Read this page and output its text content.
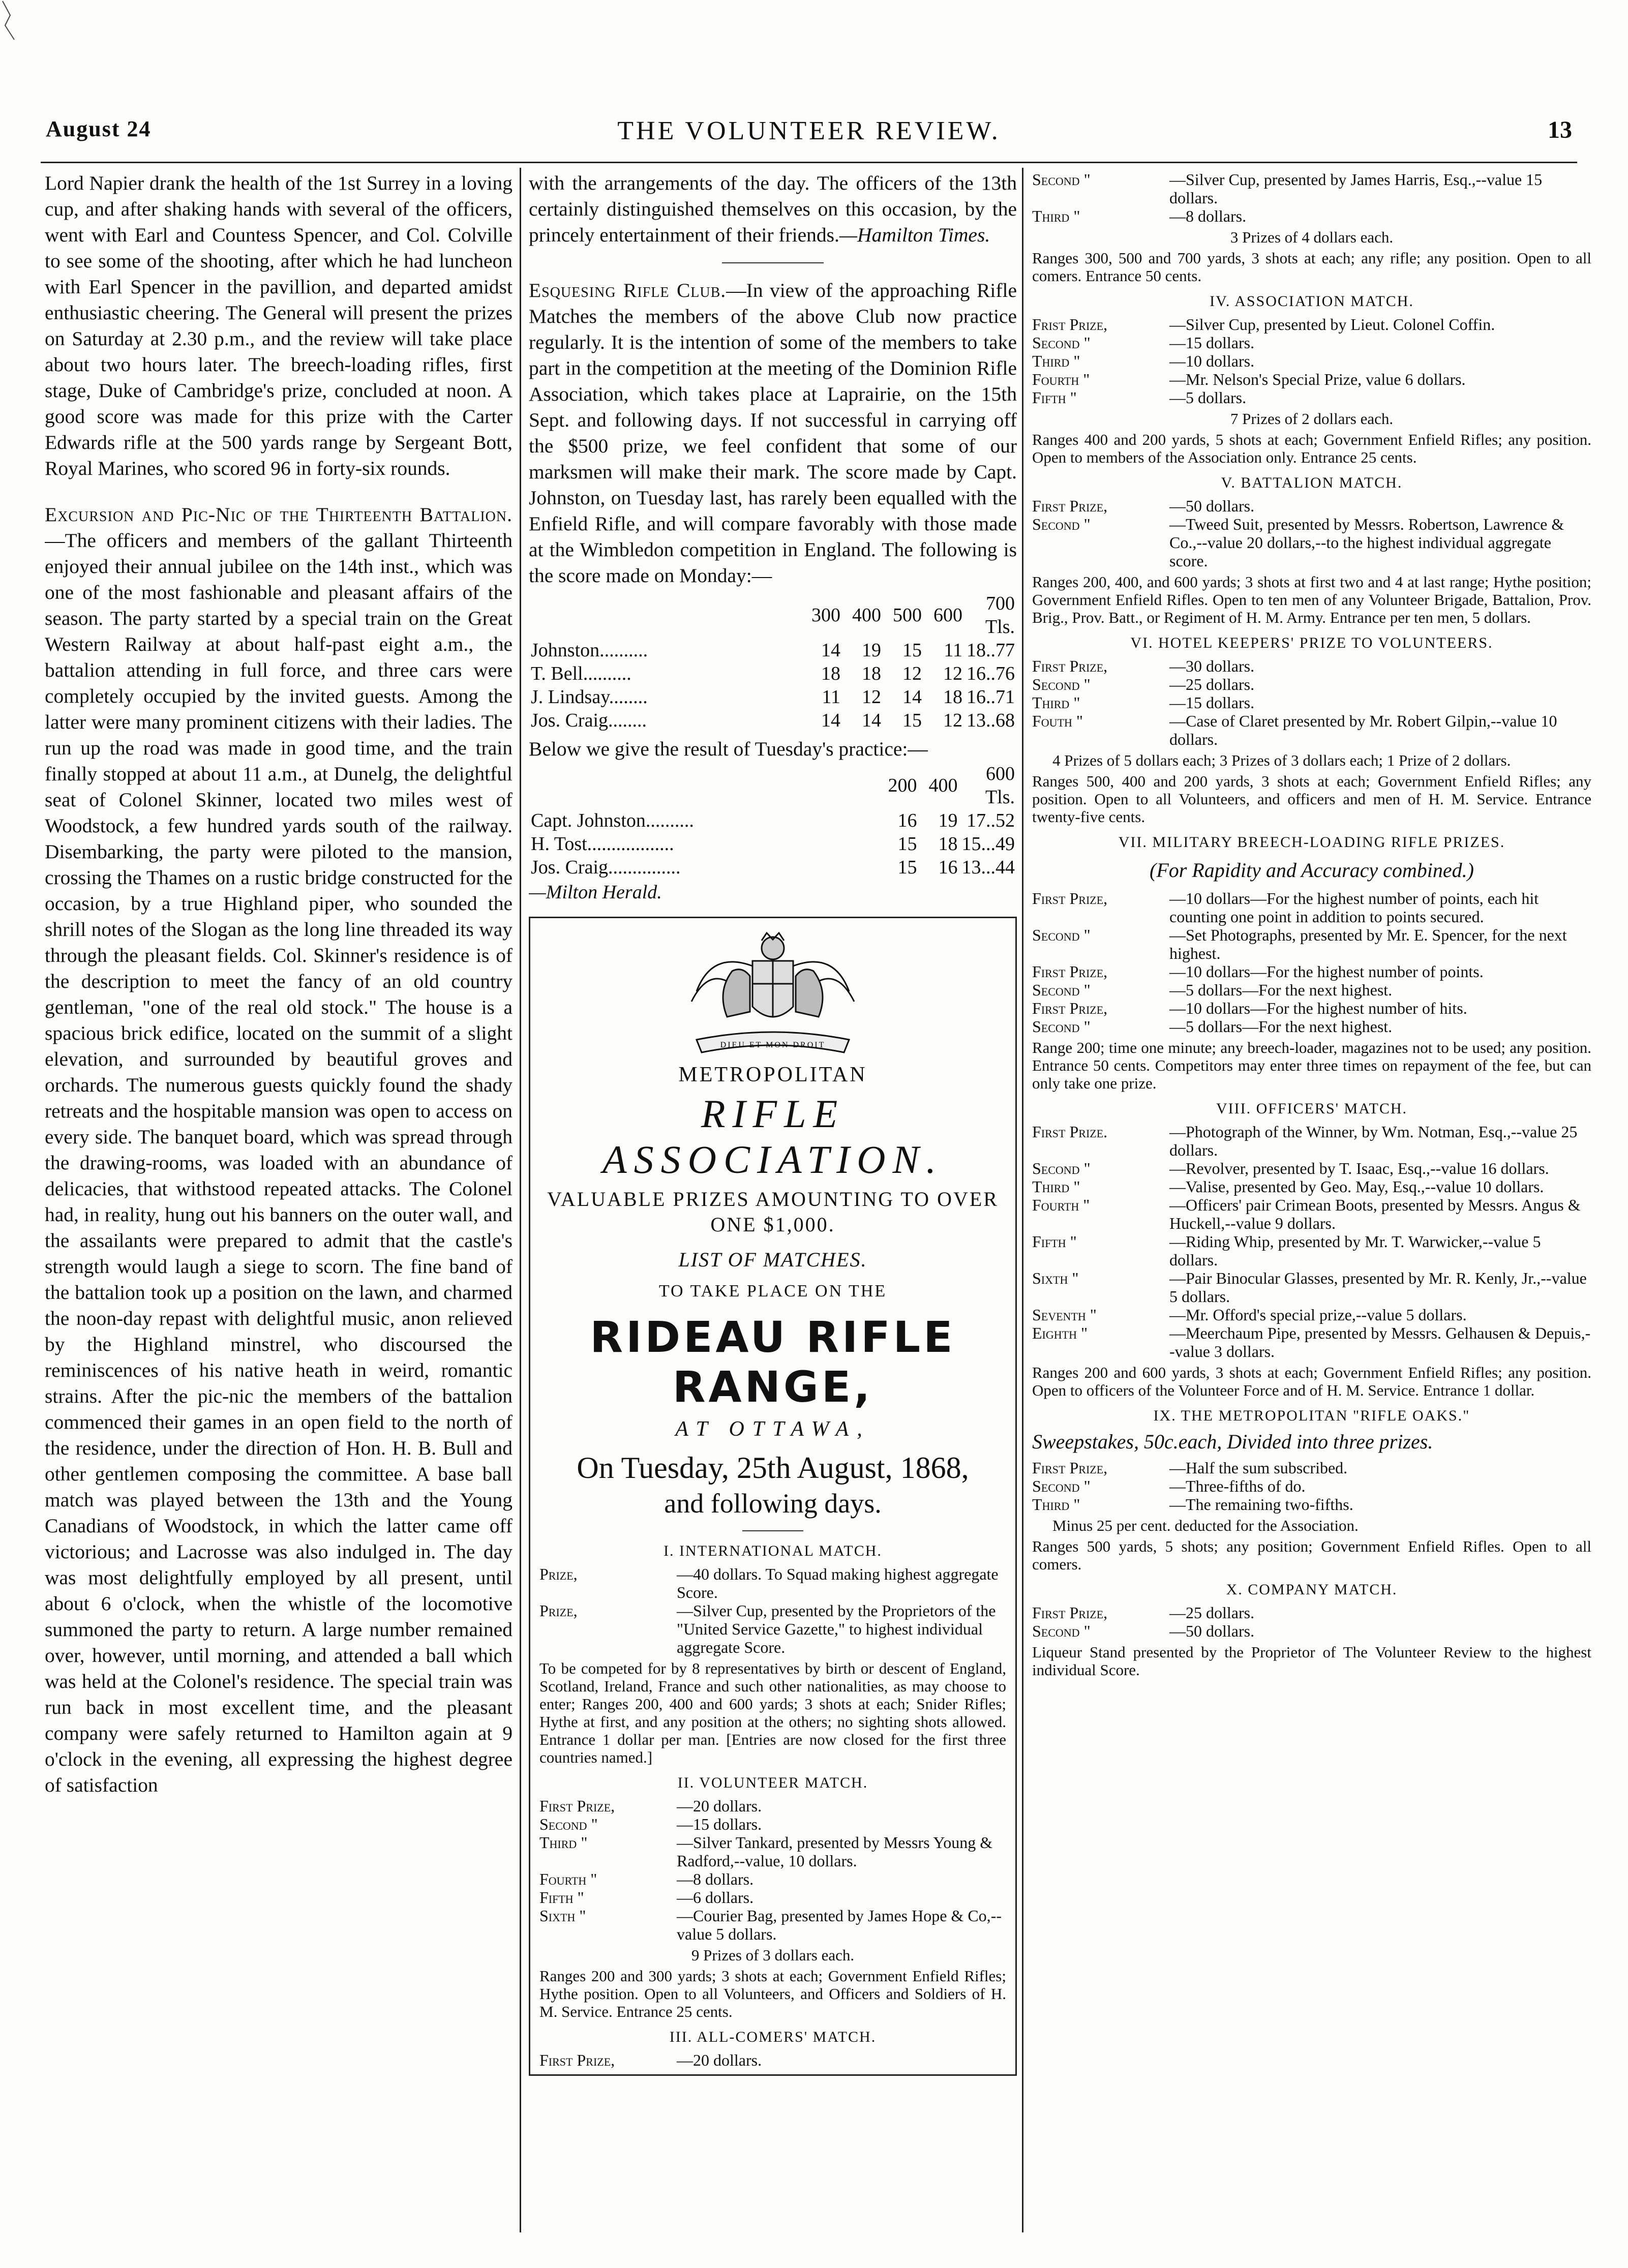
August 24	THE VOLUNTEER REVIEW.	13

Lord Napier drank the health of the 1st Surrey in a loving cup, and after shaking hands with several of the officers, went with Earl and Countess Spencer, and Col. Colville to see some of the shooting, after which he had luncheon with Earl Spencer in the pavillion, and departed amidst enthusiastic cheering. The General will present the prizes on Saturday at 2.30 p.m., and the review will take place about two hours later. The breech-loading rifles, first stage, Duke of Cambridge's prize, concluded at noon. A good score was made for this prize with the Carter Edwards rifle at the 500 yards range by Sergeant Bott, Royal Marines, who scored 96 in forty-six rounds.

Excursion and Pic-Nic of the Thirteenth Battalion.—The officers and members of the gallant Thirteenth enjoyed their annual jubilee on the 14th inst., which was one of the most fashionable and pleasant affairs of the season. The party started by a special train on the Great Western Railway at about half-past eight a.m., the battalion attending in full force, and three cars were completely occupied by the invited guests. Among the latter were many prominent citizens with their ladies. The run up the road was made in good time, and the train finally stopped at about 11 a.m., at Dunelg, the delightful seat of Colonel Skinner, located two miles west of Woodstock, a few hundred yards south of the railway. Disembarking, the party were piloted to the mansion, crossing the Thames on a rustic bridge constructed for the occasion, by a true Highland piper, who sounded the shrill notes of the Slogan as the long line threaded its way through the pleasant fields. Col. Skinner's residence is of the description to meet the fancy of an old country gentleman, "one of the real old stock." The house is a spacious brick edifice, located on the summit of a slight elevation, and surrounded by beautiful groves and orchards. The numerous guests quickly found the shady retreats and the hospitable mansion was open to access on every side. The banquet board, which was spread through the drawing-rooms, was loaded with an abundance of delicacies, that withstood repeated attacks. The Colonel had, in reality, hung out his banners on the outer wall, and the assailants were prepared to admit that the castle's strength would laugh a siege to scorn. The fine band of the battalion took up a position on the lawn, and charmed the noon-day repast with delightful music, anon relieved by the Highland minstrel, who discoursed the reminiscences of his native heath in weird, romantic strains. After the pic-nic the members of the battalion commenced their games in an open field to the north of the residence, under the direction of Hon. H. B. Bull and other gentlemen composing the committee. A base ball match was played between the 13th and the Young Canadians of Woodstock, in which the latter came off victorious; and Lacrosse was also indulged in. The day was most delightfully employed by all present, until about 6 o'clock, when the whistle of the locomotive summoned the party to return. A large number remained over, however, until morning, and attended a ball which was held at the Colonel's residence. The special train was run back in most excellent time, and the pleasant company were safely returned to Hamilton again at 9 o'clock in the evening, all expressing the highest degree of satisfaction

with the arrangements of the day. The officers of the 13th certainly distinguished themselves on this occasion, by the princely entertainment of their friends.—Hamilton Times.

Esquesing Rifle Club.—In view of the approaching Rifle Matches the members of the above Club now practice regularly. It is the intention of some of the members to take part in the competition at the meeting of the Dominion Rifle Association, which takes place at Laprairie, on the 15th Sept. and following days. If not successful in carrying off the $500 prize, we feel confident that some of our marksmen will make their mark. The score made by Capt. Johnston, on Tuesday last, has rarely been equalled with the Enfield Rifle, and will compare favorably with those made at the Wimbledon competition in England. The following is the score made on Monday:—

	300	400	500	600	700 Tls.
Johnston..........	14	19	15	11	18..77
T. Bell..........	18	18	12	12	16..76
J. Lindsay........	11	12	14	18	16..71
Jos. Craig........	14	14	15	12	13..68

Below we give the result of Tuesday's practice:—

	200	400	600 Tls.
Capt. Johnston..........	16	19	17..52
H. Tost..................	15	18	15...49
Jos. Craig...............	15	16	13...44
—Milton Herald.
DIEU ET MON DROIT
METROPOLITAN
RIFLE ASSOCIATION.
VALUABLE PRIZES AMOUNTING TO OVER ONE $1,000.
LIST OF MATCHES.
TO TAKE PLACE ON THE
RIDEAU RIFLE RANGE,
AT OTTAWA,
On Tuesday, 25th August, 1868,
and following days.
I. INTERNATIONAL MATCH.
Prize,	—40 dollars. To Squad making highest aggregate Score.
Prize,	—Silver Cup, presented by the Proprietors of the "United Service Gazette," to highest individual aggregate Score.
To be competed for by 8 representatives by birth or descent of England, Scotland, Ireland, France and such other nationalities, as may choose to enter; Ranges 200, 400 and 600 yards; 3 shots at each; Snider Rifles; Hythe at first, and any position at the others; no sighting shots allowed. Entrance 1 dollar per man. [Entries are now closed for the first three countries named.]
II. VOLUNTEER MATCH.
First Prize,	—20 dollars.
Second "	—15 dollars.
Third "	—Silver Tankard, presented by Messrs Young & Radford,--value, 10 dollars.
Fourth "	—8 dollars.
Fifth "	—6 dollars.
Sixth "	—Courier Bag, presented by James Hope & Co,--value 5 dollars.
9 Prizes of 3 dollars each.
Ranges 200 and 300 yards; 3 shots at each; Government Enfield Rifles; Hythe position. Open to all Volunteers, and Officers and Soldiers of H. M. Service. Entrance 25 cents.
III. ALL-COMERS' MATCH.
First Prize,	—20 dollars.
Second "	—Silver Cup, presented by James Harris, Esq.,--value 15 dollars.
Third "	—8 dollars.
3 Prizes of 4 dollars each.
Ranges 300, 500 and 700 yards, 3 shots at each; any rifle; any position. Open to all comers. Entrance 50 cents.
IV. ASSOCIATION MATCH.
Frist Prize,	—Silver Cup, presented by Lieut. Colonel Coffin.
Second "	—15 dollars.
Third "	—10 dollars.
Fourth "	—Mr. Nelson's Special Prize, value 6 dollars.
Fifth "	—5 dollars.
7 Prizes of 2 dollars each.
Ranges 400 and 200 yards, 5 shots at each; Government Enfield Rifles; any position. Open to members of the Association only. Entrance 25 cents.
V. BATTALION MATCH.
First Prize,	—50 dollars.
Second "	—Tweed Suit, presented by Messrs. Robertson, Lawrence & Co.,--value 20 dollars,--to the highest individual aggregate score.
Ranges 200, 400, and 600 yards; 3 shots at first two and 4 at last range; Hythe position; Government Enfield Rifles. Open to ten men of any Volunteer Brigade, Battalion, Prov. Brig., Prov. Batt., or Regiment of H. M. Army. Entrance per ten men, 5 dollars.
VI. HOTEL KEEPERS' PRIZE TO VOLUNTEERS.
First Prize,	—30 dollars.
Second "	—25 dollars.
Third "	—15 dollars.
Fouth "	—Case of Claret presented by Mr. Robert Gilpin,--value 10 dollars.
4 Prizes of 5 dollars each; 3 Prizes of 3 dollars each; 1 Prize of 2 dollars.
Ranges 500, 400 and 200 yards, 3 shots at each; Government Enfield Rifles; any position. Open to all Volunteers, and officers and men of H. M. Service. Entrance twenty-five cents.
VII. MILITARY BREECH-LOADING RIFLE PRIZES.
(For Rapidity and Accuracy combined.)
First Prize,	—10 dollars—For the highest number of points, each hit counting one point in addition to points secured.
Second "	—Set Photographs, presented by Mr. E. Spencer, for the next highest.
First Prize,	—10 dollars—For the highest number of points.
Second "	—5 dollars—For the next highest.
First Prize,	—10 dollars—For the highest number of hits.
Second "	—5 dollars—For the next highest.
Range 200; time one minute; any breech-loader, magazines not to be used; any position. Entrance 50 cents. Competitors may enter three times on repayment of the fee, but can only take one prize.
VIII. OFFICERS' MATCH.
First Prize.	—Photograph of the Winner, by Wm. Notman, Esq.,--value 25 dollars.
Second "	—Revolver, presented by T. Isaac, Esq.,--value 16 dollars.
Third "	—Valise, presented by Geo. May, Esq.,--value 10 dollars.
Fourth "	—Officers' pair Crimean Boots, presented by Messrs. Angus & Huckell,--value 9 dollars.
Fifth "	—Riding Whip, presented by Mr. T. Warwicker,--value 5 dollars.
Sixth "	—Pair Binocular Glasses, presented by Mr. R. Kenly, Jr.,--value 5 dollars.
Seventh "	—Mr. Offord's special prize,--value 5 dollars.
Eighth "	—Meerchaum Pipe, presented by Messrs. Gelhausen & Depuis,--value 3 dollars.
Ranges 200 and 600 yards, 3 shots at each; Government Enfield Rifles; any position. Open to officers of the Volunteer Force and of H. M. Service. Entrance 1 dollar.
IX. THE METROPOLITAN "RIFLE OAKS."
Sweepstakes, 50c.each, Divided into three prizes.
First Prize,	—Half the sum subscribed.
Second "	—Three-fifths of do.
Third "	—The remaining two-fifths.
Minus 25 per cent. deducted for the Association.
Ranges 500 yards, 5 shots; any position; Government Enfield Rifles. Open to all comers.
X. COMPANY MATCH.
First Prize,	—25 dollars.
Second "	—50 dollars.
Liqueur Stand presented by the Proprietor of The Volunteer Review to the highest individual Score.
